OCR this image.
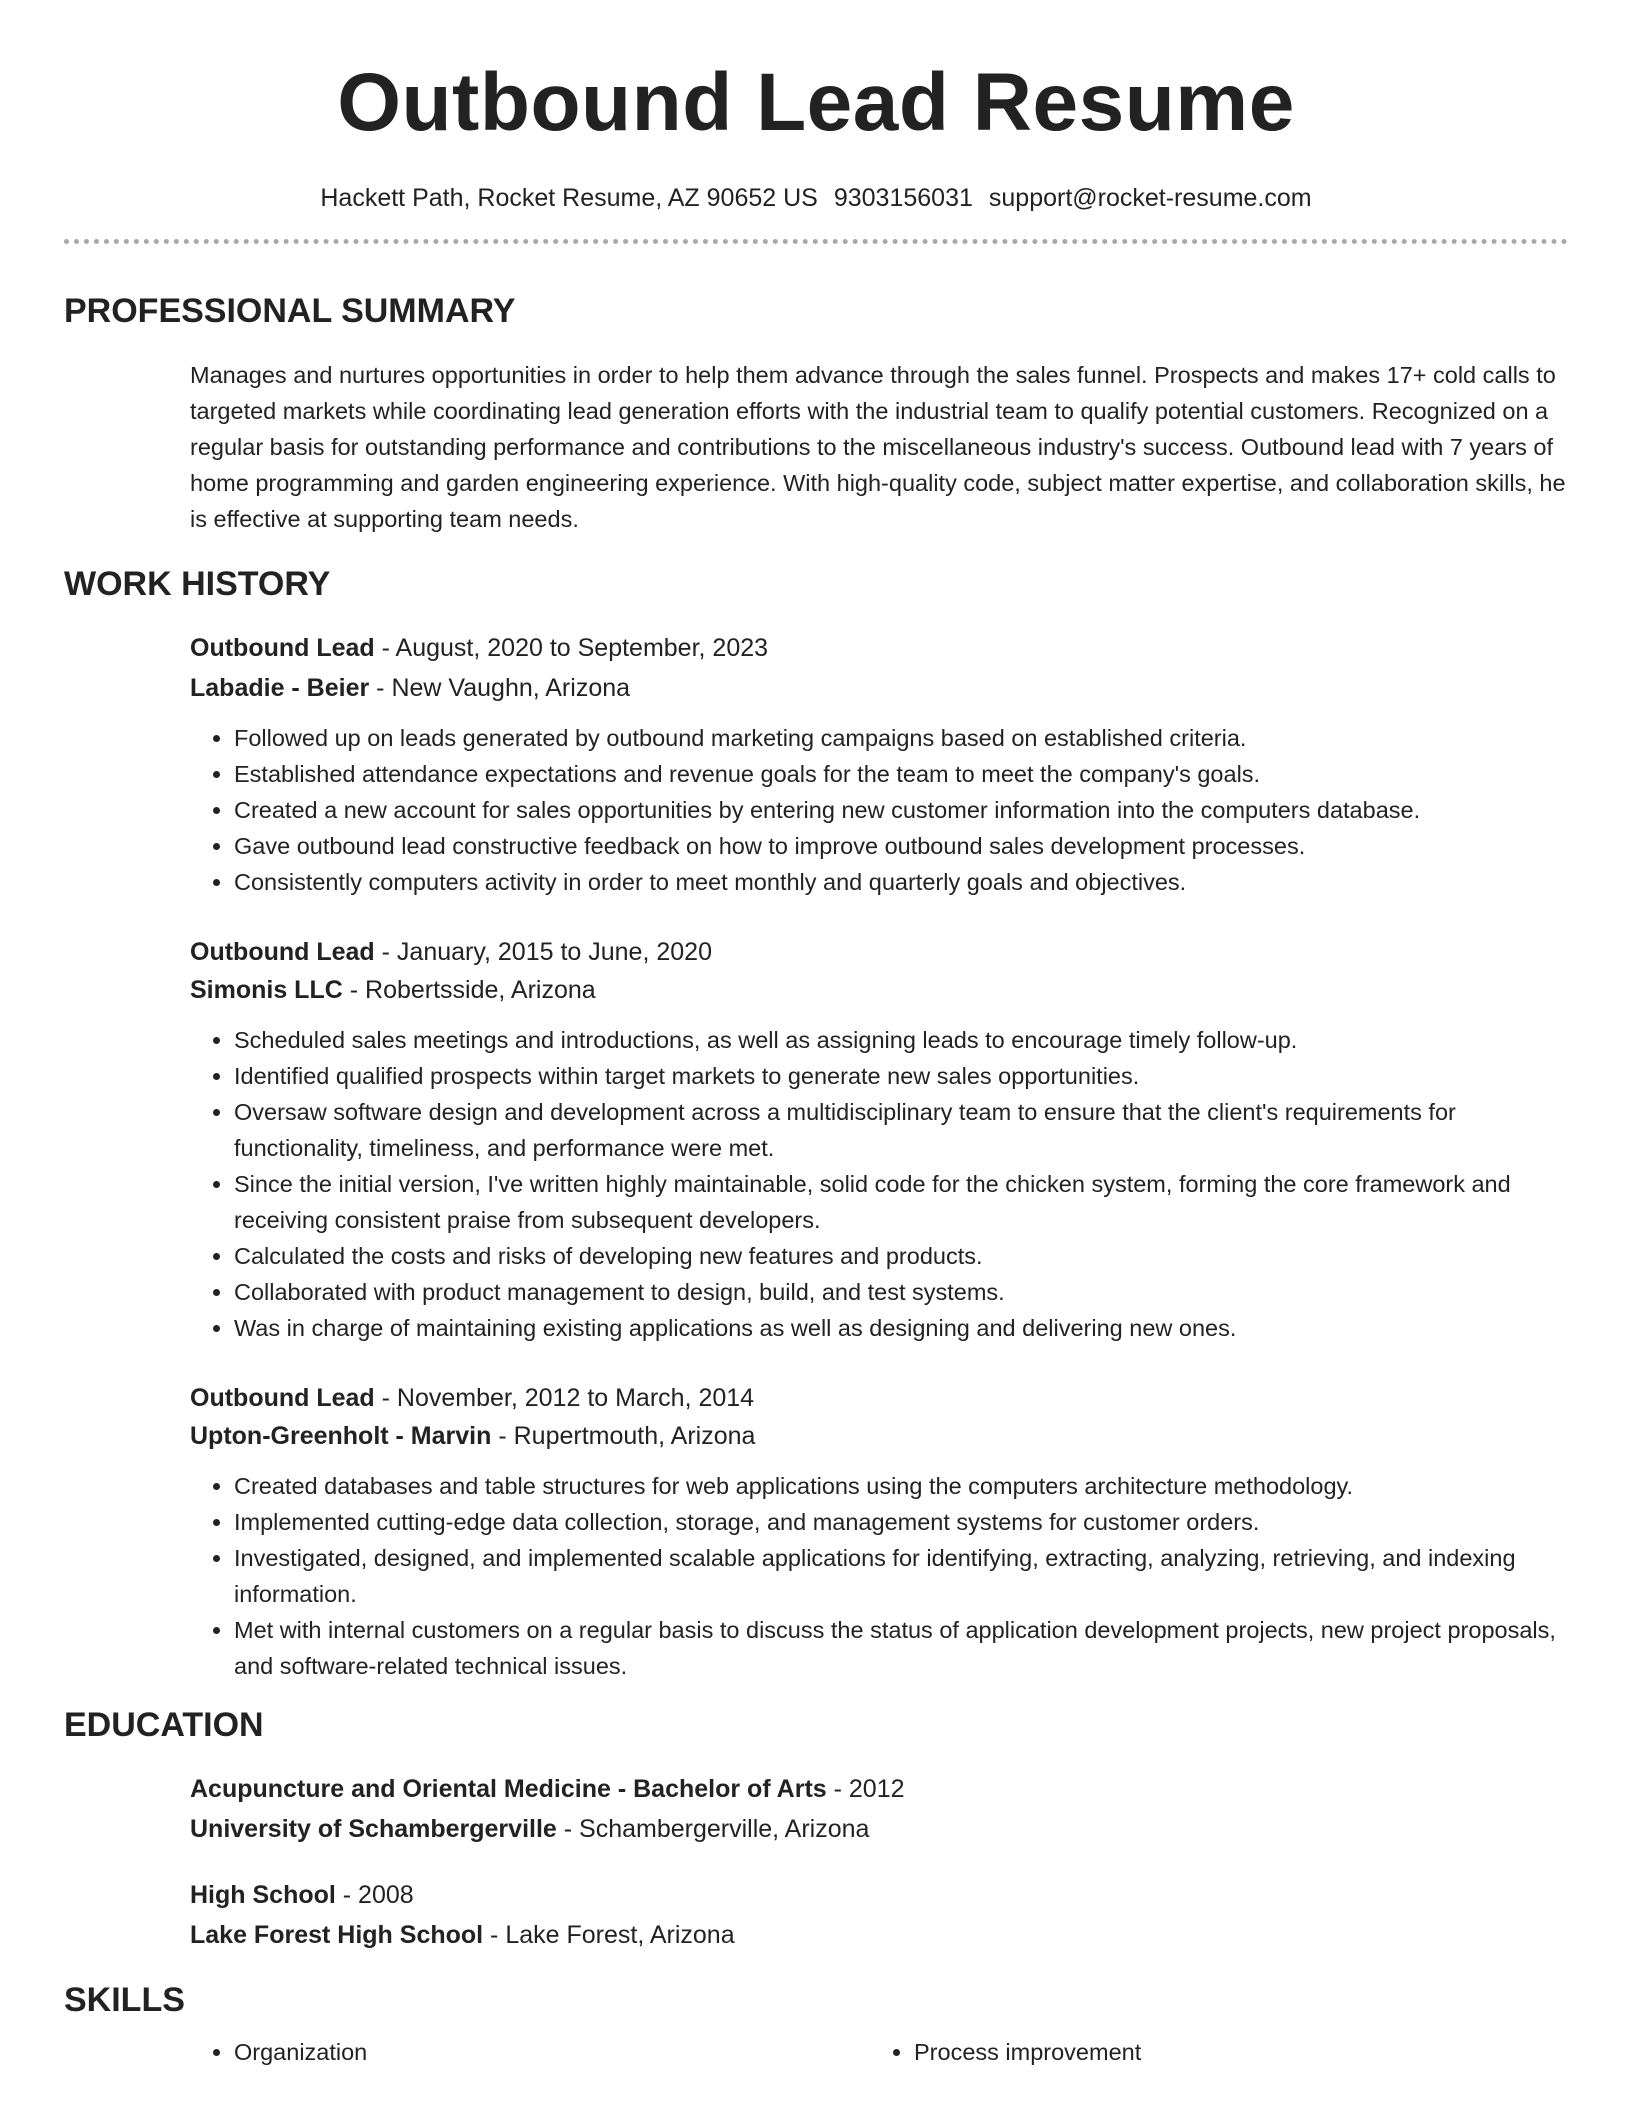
Outbound Lead Resume
Hackett Path, Rocket Resume, AZ 90652 US 9303156031 support@rocket-resume.com
PROFESSIONAL SUMMARY

Manages and nurtures opportunities in order to help them advance through the sales funnel. Prospects and makes 17+ cold calls to targeted markets while coordinating lead generation efforts with the industrial team to qualify potential customers. Recognized on a regular basis for outstanding performance and contributions to the miscellaneous industry's success. Outbound lead with 7 years of home programming and garden engineering experience. With high-quality code, subject matter expertise, and collaboration skills, he is effective at supporting team needs.

WORK HISTORY
Outbound Lead - August, 2020 to September, 2023
Labadie - Beier - New Vaughn, Arizona
• Followed up on leads generated by outbound marketing campaigns based on established criteria.
• Established attendance expectations and revenue goals for the team to meet the company's goals.
• Created a new account for sales opportunities by entering new customer information into the computers database.
• Gave outbound lead constructive feedback on how to improve outbound sales development processes.
• Consistently computers activity in order to meet monthly and quarterly goals and objectives.
Outbound Lead - January, 2015 to June, 2020
Simonis LLC - Robertsside, Arizona
• Scheduled sales meetings and introductions, as well as assigning leads to encourage timely follow-up.
• Identified qualified prospects within target markets to generate new sales opportunities.
• Oversaw software design and development across a multidisciplinary team to ensure that the client's requirements for functionality, timeliness, and performance were met.
• Since the initial version, I've written highly maintainable, solid code for the chicken system, forming the core framework and receiving consistent praise from subsequent developers.
• Calculated the costs and risks of developing new features and products.
• Collaborated with product management to design, build, and test systems.
• Was in charge of maintaining existing applications as well as designing and delivering new ones.
Outbound Lead - November, 2012 to March, 2014
Upton-Greenholt - Marvin - Rupertmouth, Arizona
• Created databases and table structures for web applications using the computers architecture methodology.
• Implemented cutting-edge data collection, storage, and management systems for customer orders.
• Investigated, designed, and implemented scalable applications for identifying, extracting, analyzing, retrieving, and indexing information.
• Met with internal customers on a regular basis to discuss the status of application development projects, new project proposals, and software-related technical issues.
EDUCATION
Acupuncture and Oriental Medicine - Bachelor of Arts - 2012
University of Schambergerville - Schambergerville, Arizona
High School - 2008
Lake Forest High School - Lake Forest, Arizona
SKILLS
• Organization
•	Process improvement
